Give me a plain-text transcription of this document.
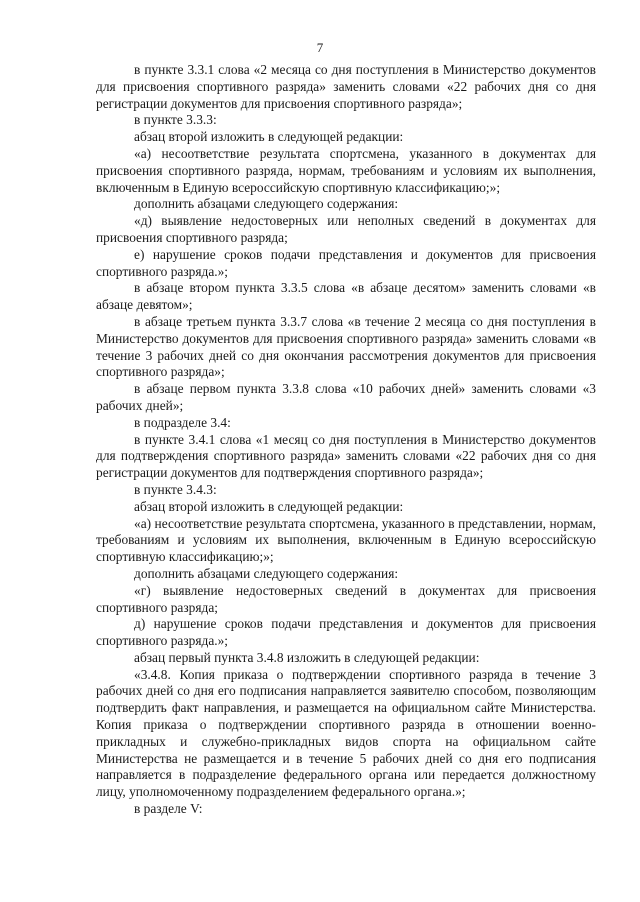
7

в пункте 3.3.1 слова «2 месяца со дня поступления в Министерство документов для присвоения спортивного разряда» заменить словами «22 рабочих дня со дня регистрации документов для присвоения спортивного разряда»;

в пункте 3.3.3:

абзац второй изложить в следующей редакции:

«а) несоответствие результата спортсмена, указанного в документах для присвоения спортивного разряда, нормам, требованиям и условиям их выполнения, включенным в Единую всероссийскую спортивную классификацию;»;

дополнить абзацами следующего содержания:

«д) выявление недостоверных или неполных сведений в документах для присвоения спортивного разряда;

е) нарушение сроков подачи представления и документов для присвоения спортивного разряда.»;

в абзаце втором пункта 3.3.5 слова «в абзаце десятом» заменить словами «в абзаце девятом»;

в абзаце третьем пункта 3.3.7 слова «в течение 2 месяца со дня поступления в Министерство документов для присвоения спортивного разряда» заменить словами «в течение 3 рабочих дней со дня окончания рассмотрения документов для присвоения спортивного разряда»;

в абзаце первом пункта 3.3.8 слова «10 рабочих дней» заменить словами «3 рабочих дней»;

в подразделе 3.4:

в пункте 3.4.1 слова «1 месяц со дня поступления в Министерство документов для подтверждения спортивного разряда» заменить словами «22 рабочих дня со дня регистрации документов для подтверждения спортивного разряда»;

в пункте 3.4.3:

абзац второй изложить в следующей редакции:

«а) несоответствие результата спортсмена, указанного в представлении, нормам, требованиям и условиям их выполнения, включенным в Единую всероссийскую спортивную классификацию;»;

дополнить абзацами следующего содержания:

«г) выявление недостоверных сведений в документах для присвоения спортивного разряда;

д) нарушение сроков подачи представления и документов для присвоения спортивного разряда.»;

абзац первый пункта 3.4.8 изложить в следующей редакции:

«3.4.8. Копия приказа о подтверждении спортивного разряда в течение 3 рабочих дней со дня его подписания направляется заявителю способом, позволяющим подтвердить факт направления, и размещается на официальном сайте Министерства. Копия приказа о подтверждении спортивного разряда в отношении военно-прикладных и служебно-прикладных видов спорта на официальном сайте Министерства не размещается и в течение 5 рабочих дней со дня его подписания направляется в подразделение федерального органа или передается должностному лицу, уполномоченному подразделением федерального органа.»;

в разделе V:
